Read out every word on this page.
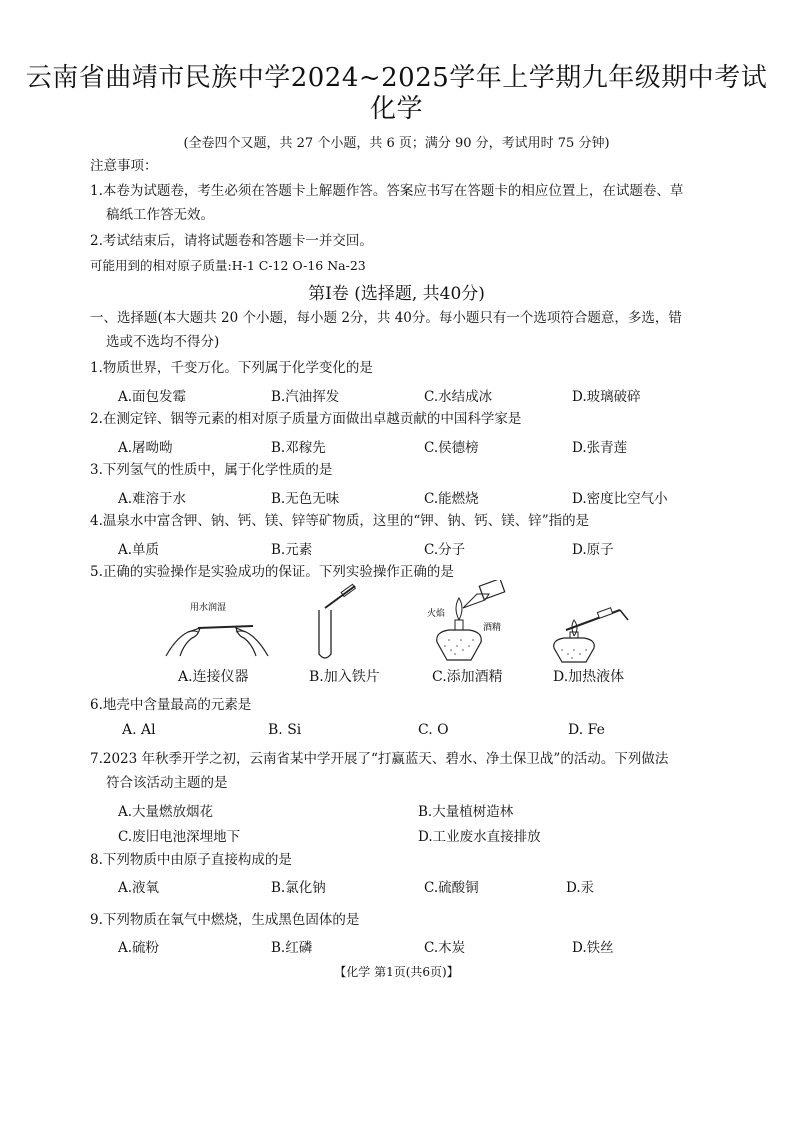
云南省曲靖市民族中学2024~2025学年上学期九年级期中考试
化学
(全卷四个又题，共 27 个小题，共 6 页；满分 90 分，考试用时 75 分钟)
注意事项：
1.本卷为试题卷，考生必须在答题卡上解题作答。答案应书写在答题卡的相应位置上，在试题卷、草
稿纸工作答无效。
2.考试结束后，请将试题卷和答题卡一并交回。
可能用到的相对原子质量:H-1 C-12 O-16 Na-23
第Ⅰ卷 (选择题, 共40分)
一、选择题(本大题共 20 个小题，每小题 2分，共 40分。每小题只有一个选项符合题意，多选，错
选或不选均不得分)
1.物质世界，千变万化。下列属于化学变化的是
A.面包发霉	B.汽油挥发	C.水结成冰	D.玻璃破碎
2.在测定锌、铟等元素的相对原子质量方面做出卓越贡献的中国科学家是
A.屠呦呦	B.邓稼先	C.侯德榜	D.张青莲
3.下列氢气的性质中，属于化学性质的是
A.难溶于水	B.无色无味	C.能燃烧	D.密度比空气小
4.温泉水中富含钾、钠、钙、镁、锌等矿物质，这里的“钾、钠、钙、镁、锌”指的是
A.单质	B.元素	C.分子	D.原子
5.正确的实验操作是实验成功的保证。下列实验操作正确的是
用水润湿
火焰
酒精
A.连接仪器	B.加入铁片	C.添加酒精	D.加热液体
6.地壳中含量最高的元素是
A. Al	B. Si	C. O	D. Fe
7.2023 年秋季开学之初，云南省某中学开展了“打赢蓝天、碧水、净土保卫战”的活动。下列做法
符合该活动主题的是
A.大量燃放烟花	B.大量植树造林
C.废旧电池深埋地下	D.工业废水直接排放
8.下列物质中由原子直接构成的是
A.液氧	B.氯化钠	C.硫酸铜	D.汞
9.下列物质在氧气中燃烧，生成黑色固体的是
A.硫粉	B.红磷	C.木炭	D.铁丝
【化学 第1页(共6页)】
